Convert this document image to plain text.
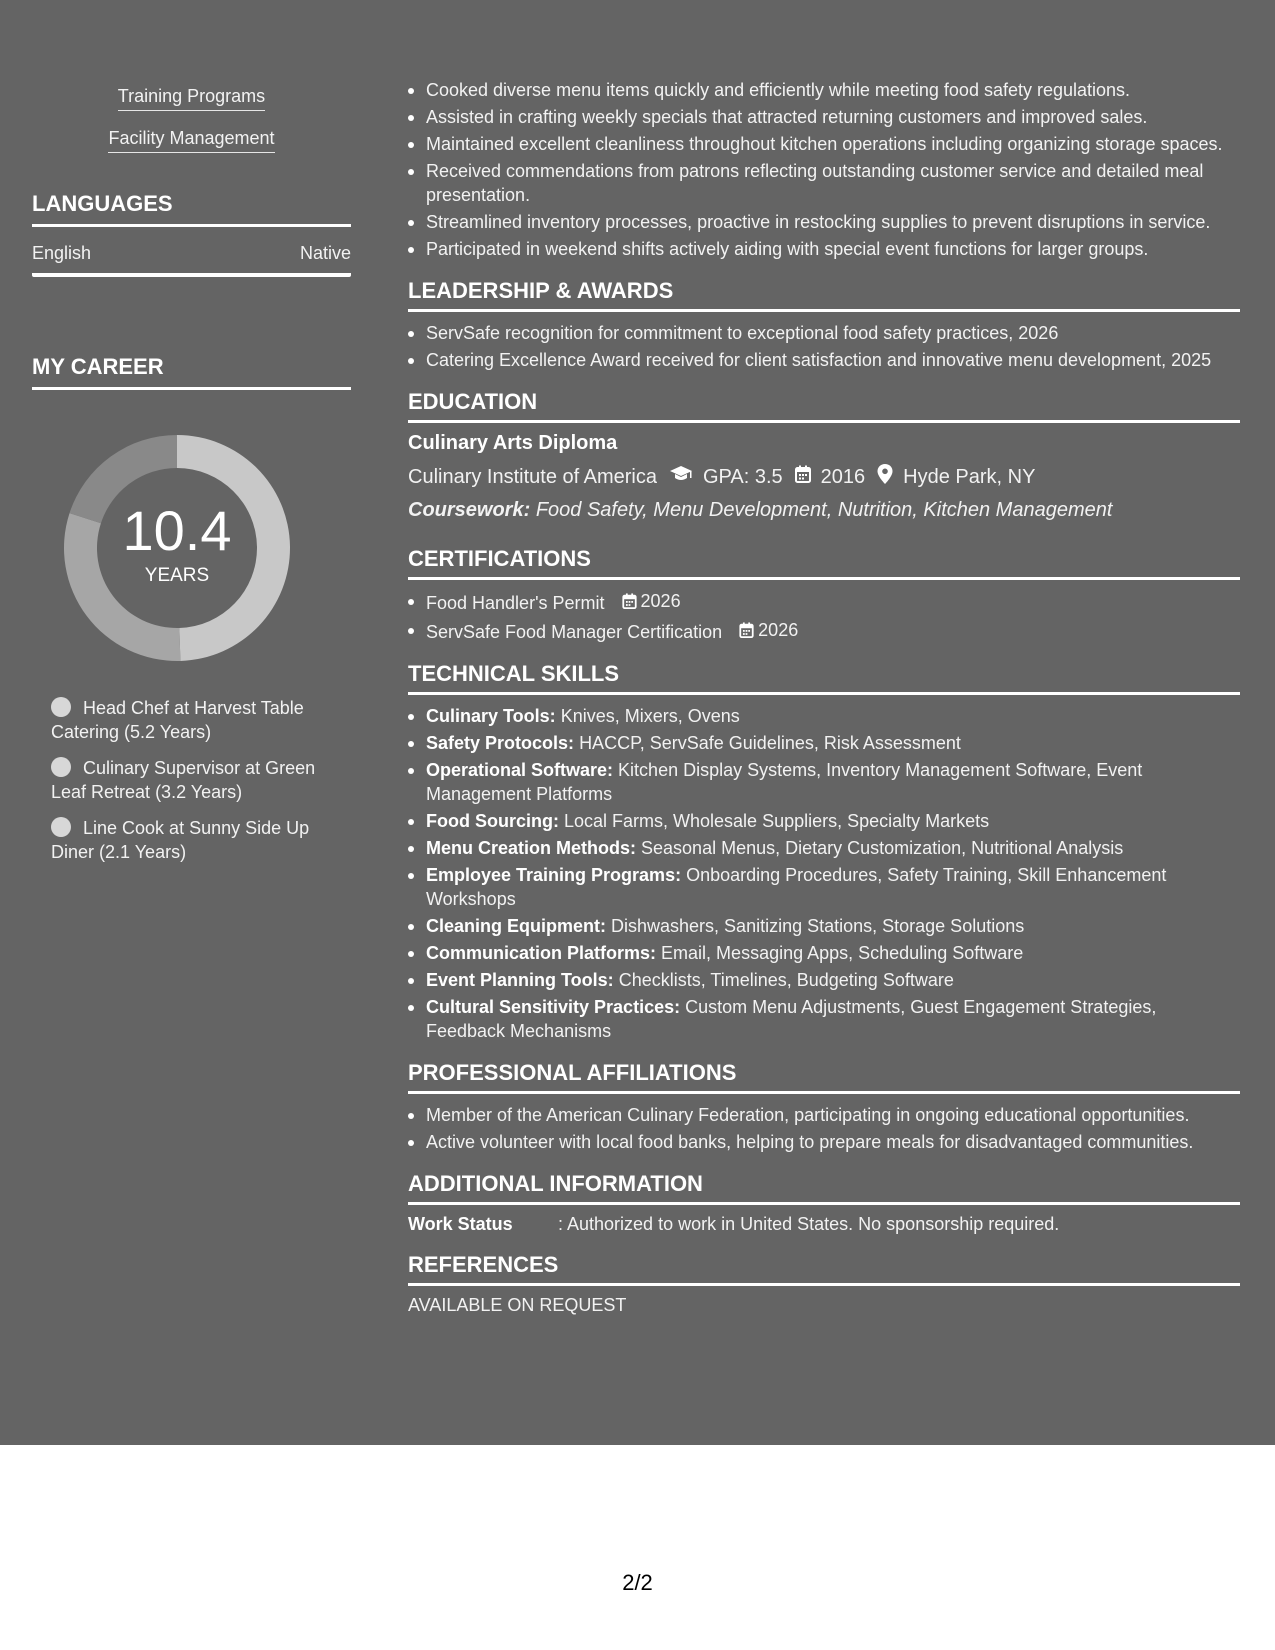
Training Programs
Facility Management
LANGUAGES
English	Native
MY CAREER
10.4
YEARS
Head Chef at Harvest Table Catering (5.2 Years)
Culinary Supervisor at Green Leaf Retreat (3.2 Years)
Line Cook at Sunny Side Up Diner (2.1 Years)
Cooked diverse menu items quickly and efficiently while meeting food safety regulations.
Assisted in crafting weekly specials that attracted returning customers and improved sales.
Maintained excellent cleanliness throughout kitchen operations including organizing storage spaces.
Received commendations from patrons reflecting outstanding customer service and detailed meal presentation.
Streamlined inventory processes, proactive in restocking supplies to prevent disruptions in service.
Participated in weekend shifts actively aiding with special event functions for larger groups.
LEADERSHIP & AWARDS
ServSafe recognition for commitment to exceptional food safety practices, 2026
Catering Excellence Award received for client satisfaction and innovative menu development, 2025
EDUCATION
Culinary Arts Diploma
Culinary Institute of America GPA: 3.5 2016 Hyde Park, NY
Coursework: Food Safety, Menu Development, Nutrition, Kitchen Management
CERTIFICATIONS
Food Handler's Permit 2026
ServSafe Food Manager Certification 2026
TECHNICAL SKILLS
Culinary Tools: Knives, Mixers, Ovens
Safety Protocols: HACCP, ServSafe Guidelines, Risk Assessment
Operational Software: Kitchen Display Systems, Inventory Management Software, Event Management Platforms
Food Sourcing: Local Farms, Wholesale Suppliers, Specialty Markets
Menu Creation Methods: Seasonal Menus, Dietary Customization, Nutritional Analysis
Employee Training Programs: Onboarding Procedures, Safety Training, Skill Enhancement Workshops
Cleaning Equipment: Dishwashers, Sanitizing Stations, Storage Solutions
Communication Platforms: Email, Messaging Apps, Scheduling Software
Event Planning Tools: Checklists, Timelines, Budgeting Software
Cultural Sensitivity Practices: Custom Menu Adjustments, Guest Engagement Strategies, Feedback Mechanisms
PROFESSIONAL AFFILIATIONS
Member of the American Culinary Federation, participating in ongoing educational opportunities.
Active volunteer with local food banks, helping to prepare meals for disadvantaged communities.
ADDITIONAL INFORMATION
Work Status	: Authorized to work in United States. No sponsorship required.
REFERENCES
AVAILABLE ON REQUEST
2/2
